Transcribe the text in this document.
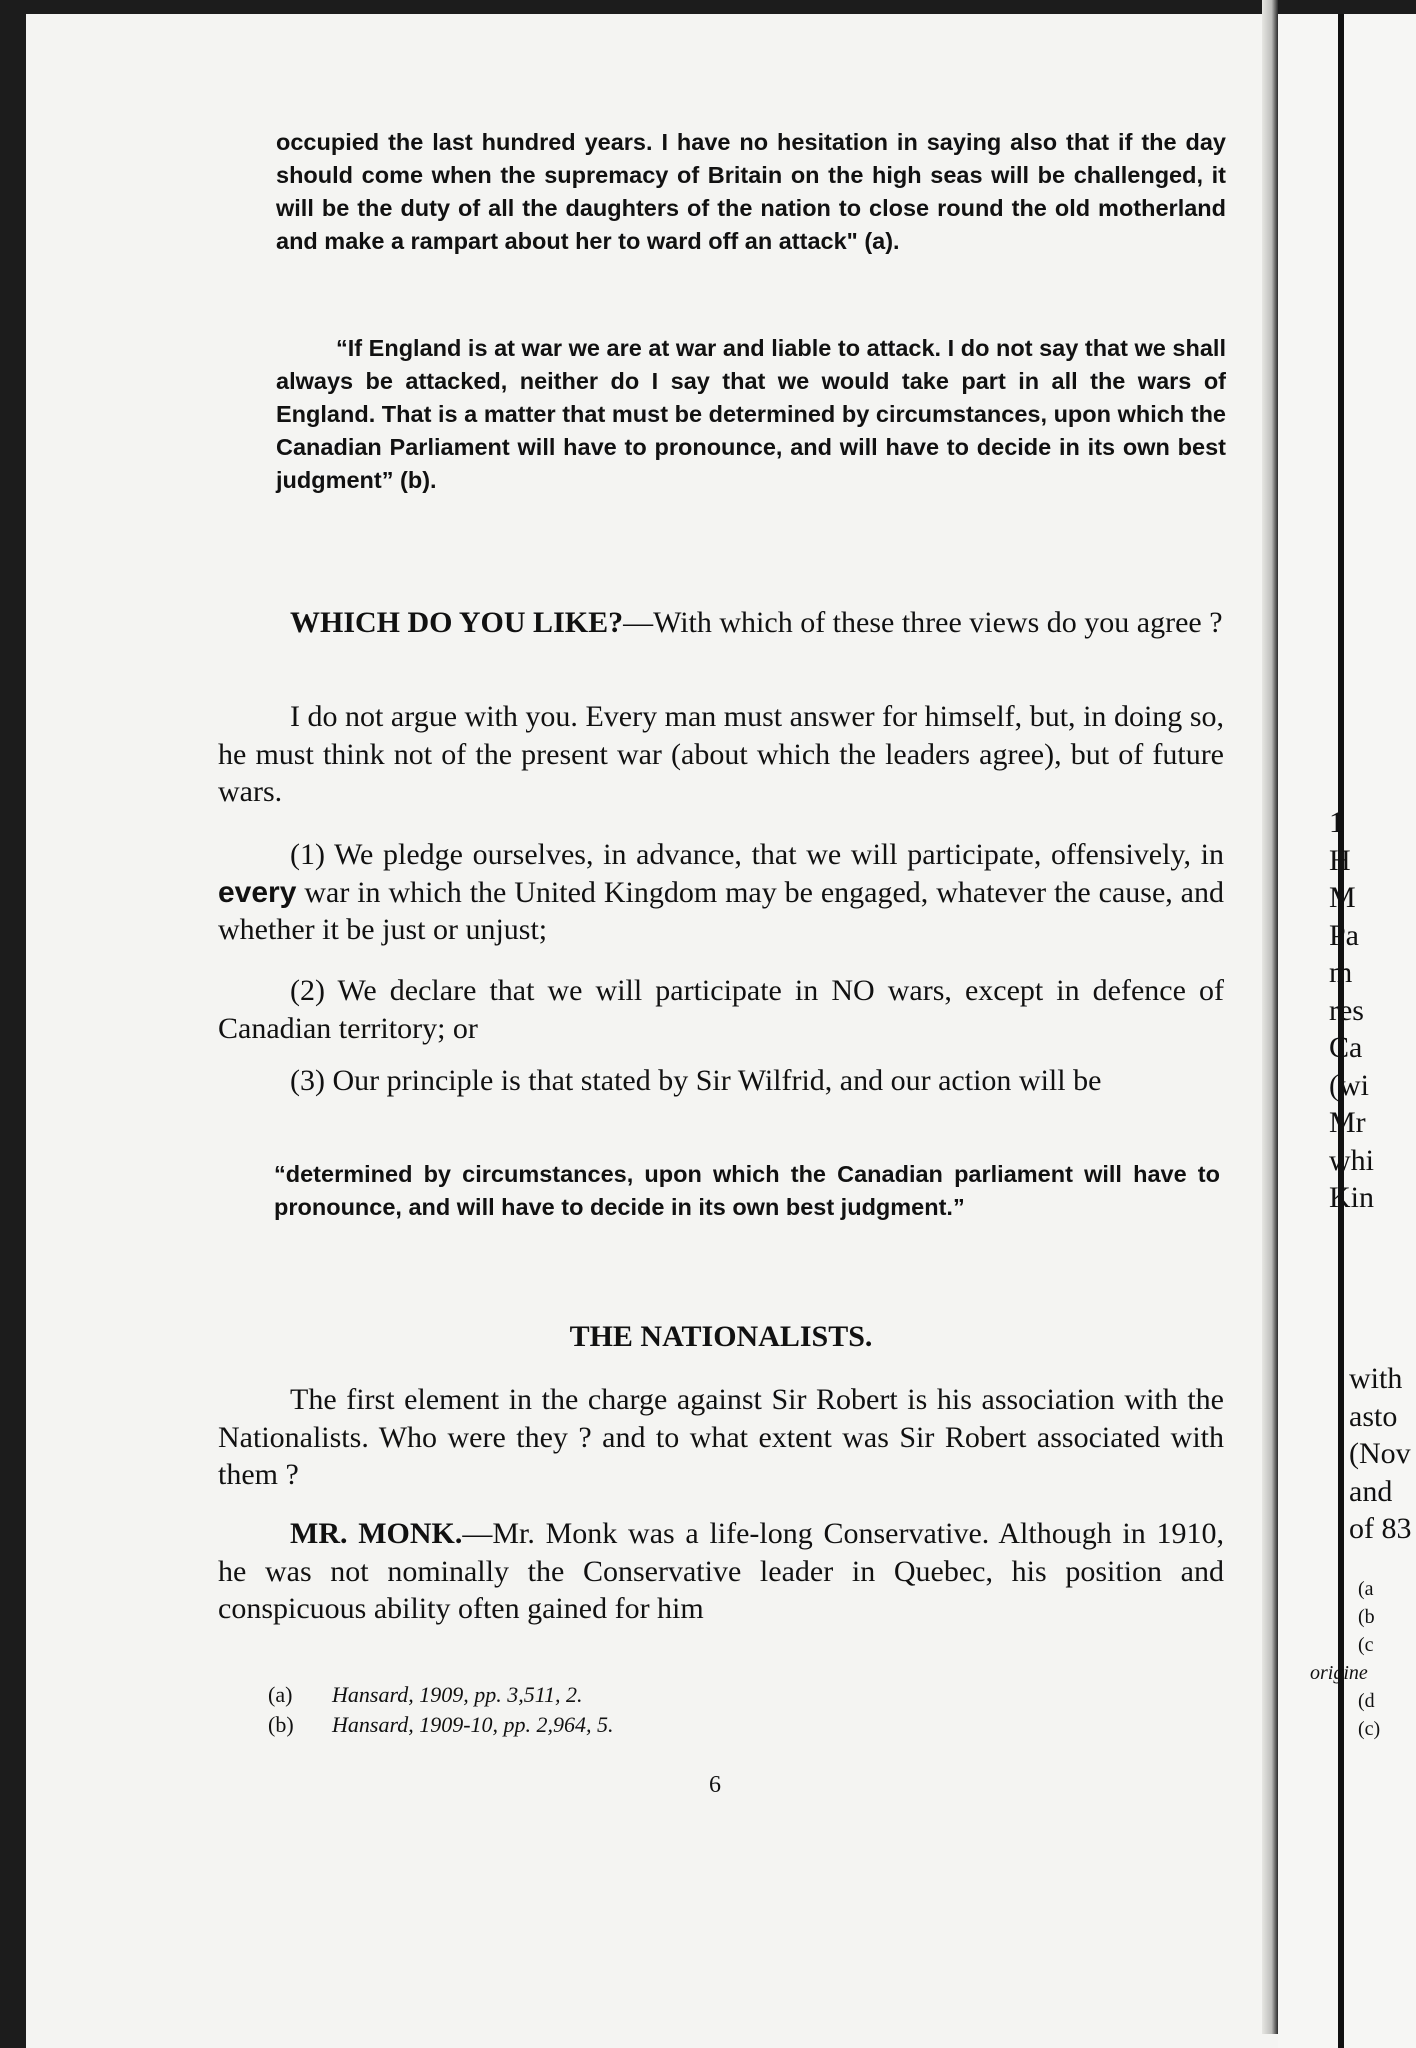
occupied the last hundred years. I have no hesitation in saying also that if the day should come when the supremacy of Britain on the high seas will be challenged, it will be the duty of all the daughters of the nation to close round the old motherland and make a rampart about her to ward off an attack" (a).

“If England is at war we are at war and liable to attack. I do not say that we shall always be attacked, neither do I say that we would take part in all the wars of England. That is a matter that must be determined by circumstances, upon which the Canadian Parliament will have to pronounce, and will have to decide in its own best judgment” (b).

WHICH DO YOU LIKE?—With which of these three views do you agree ?

I do not argue with you. Every man must answer for himself, but, in doing so, he must think not of the present war (about which the leaders agree), but of future wars.

(1) We pledge ourselves, in advance, that we will participate, offensively, in every war in which the United Kingdom may be engaged, whatever the cause, and whether it be just or unjust;

(2) We declare that we will participate in NO wars, except in defence of Canadian territory; or

(3) Our principle is that stated by Sir Wilfrid, and our action will be

“determined by circumstances, upon which the Canadian parliament will have to pronounce, and will have to decide in its own best judgment.”

THE NATIONALISTS.

The first element in the charge against Sir Robert is his association with the Nationalists. Who were they ? and to what extent was Sir Robert associated with them ?

MR. MONK.—Mr. Monk was a life-long Conservative. Although in 1910, he was not nominally the Conservative leader in Quebec, his position and conspicuous ability often gained for him

(a) Hansard, 1909, pp. 3,511, 2.
(b) Hansard, 1909-10, pp. 2,964, 5.
6
1
H
M
Pa
m
res
Ca
(wi
Mr
whi
Kin
with
asto
(Nov
and
of 83
(a
(b
(c
origine
(d
(c)
